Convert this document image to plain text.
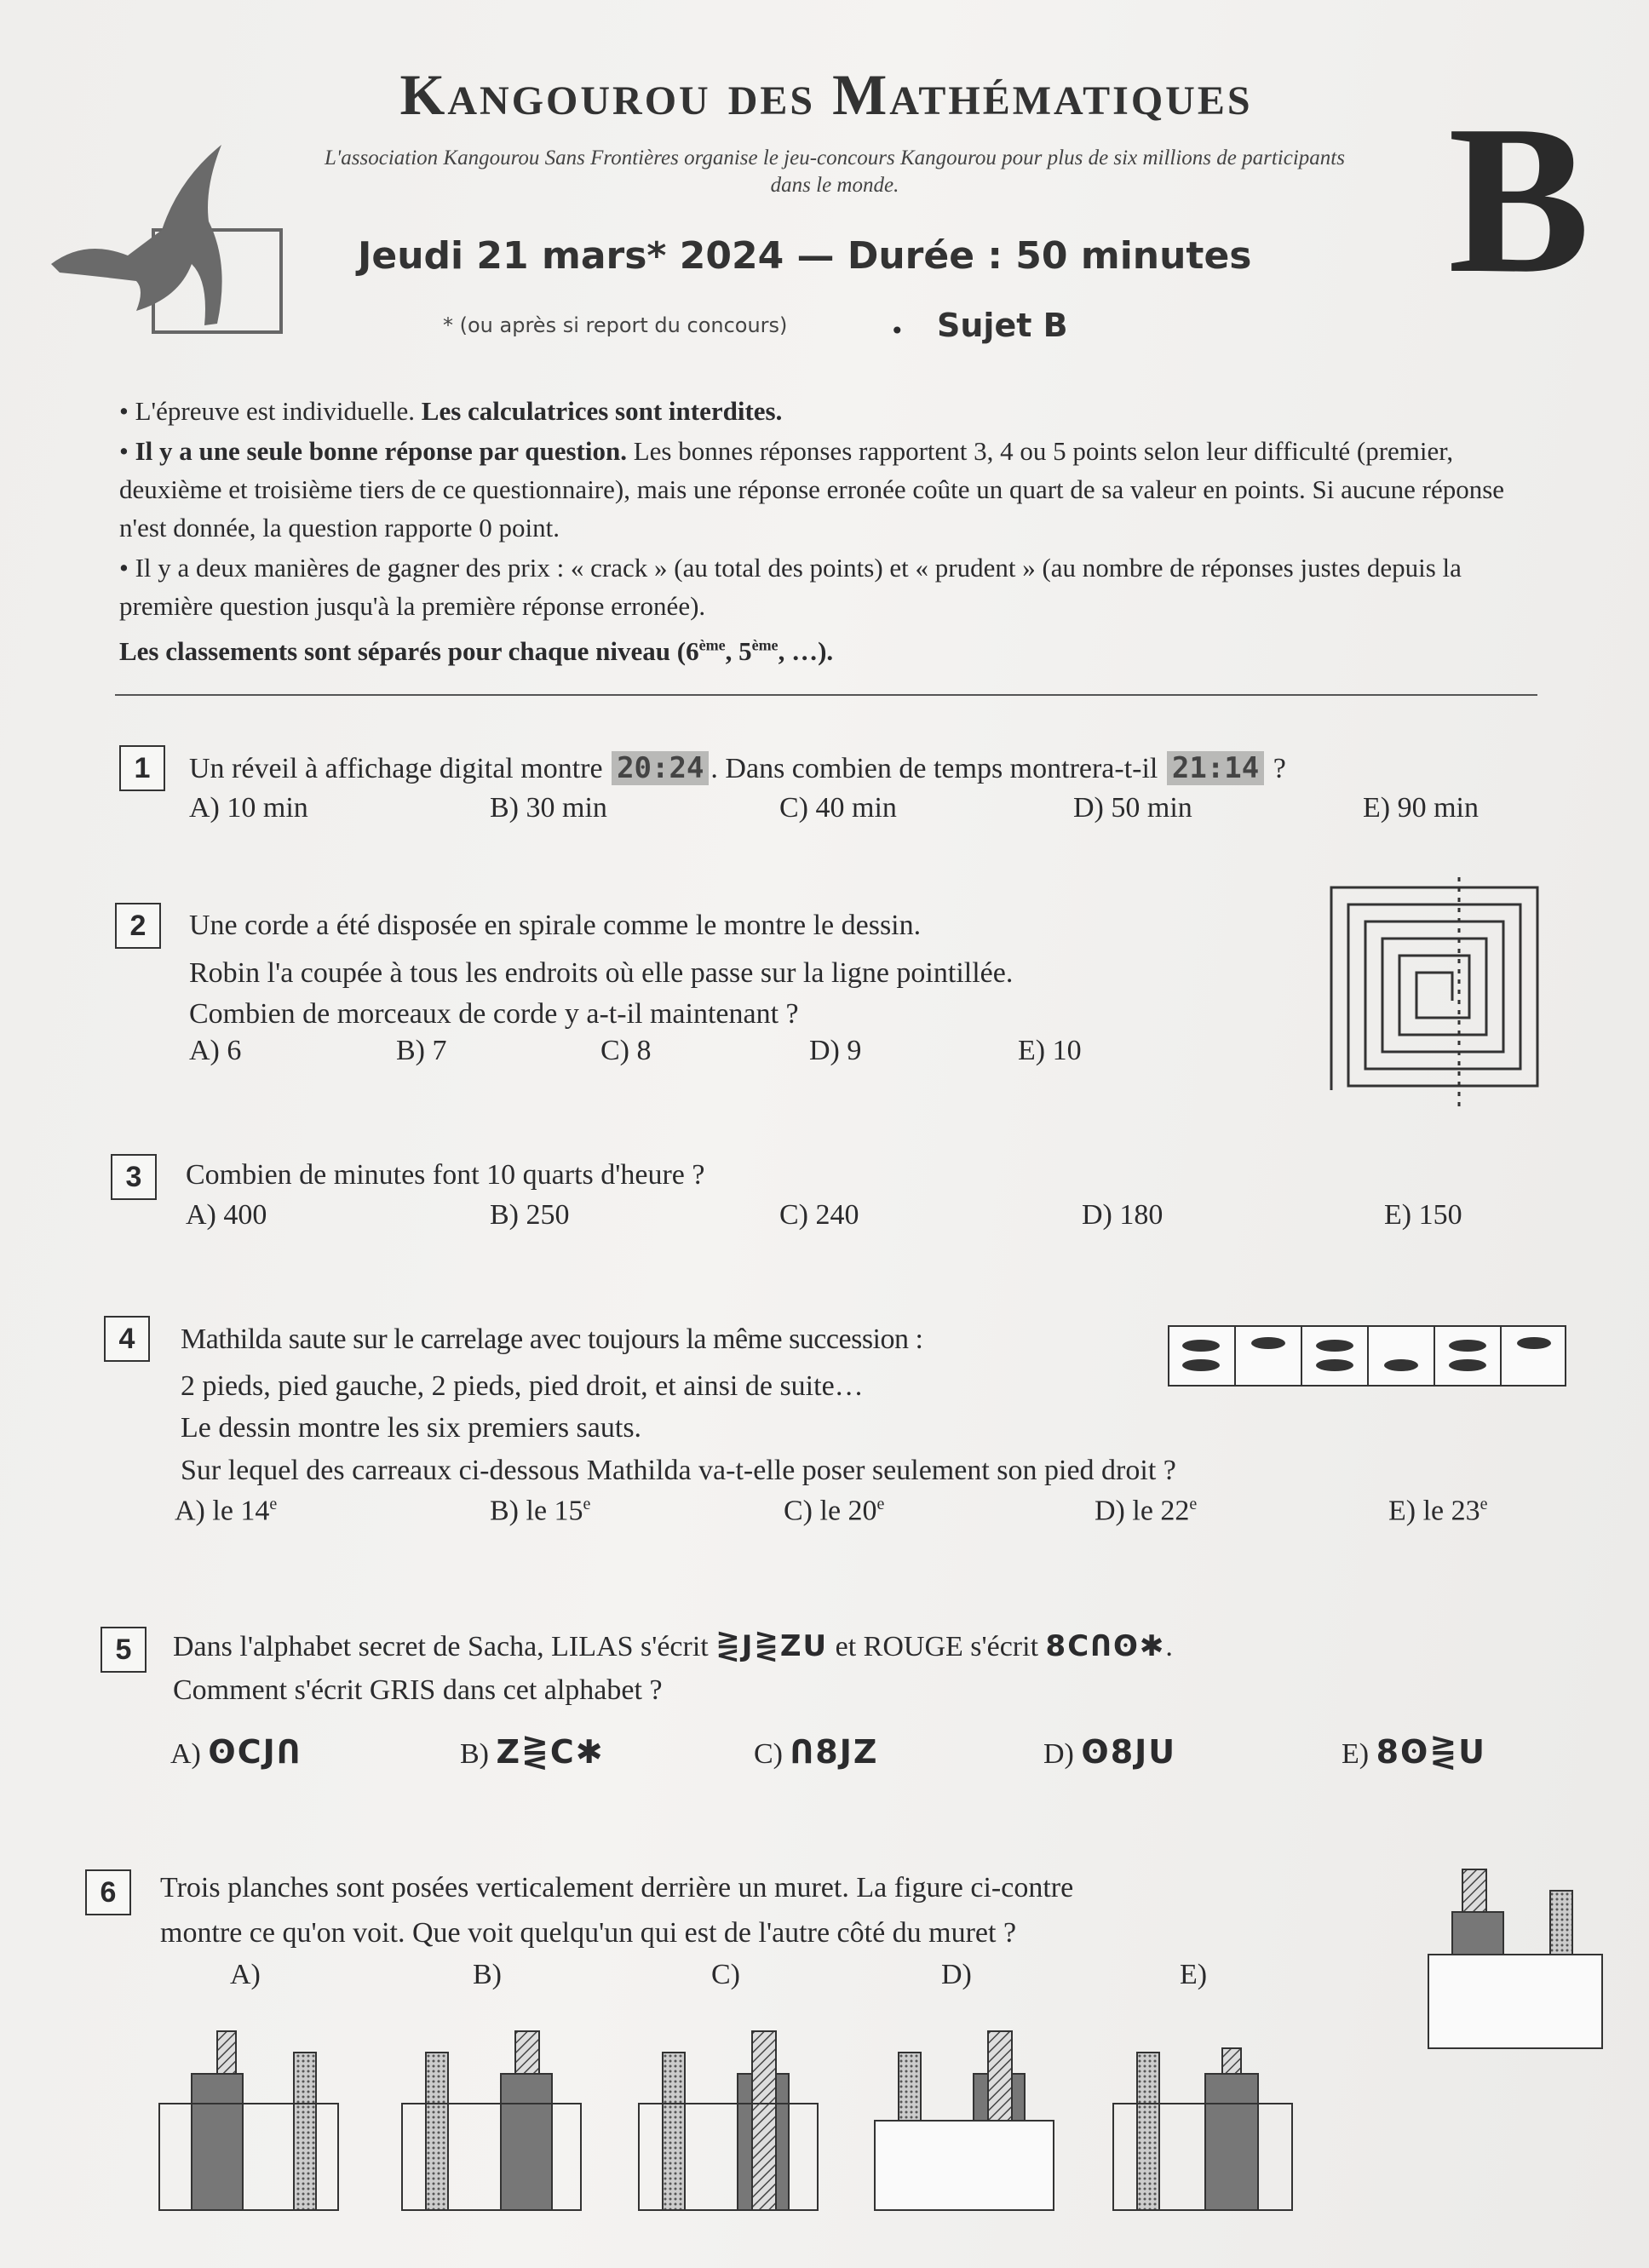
Kangourou des Mathématiques
L'association Kangourou Sans Frontières organise le jeu-concours Kangourou pour plus de six millions de participants dans le monde.
Jeudi 21 mars* 2024 — Durée : 50 minutes
* (ou après si report du concours)	• Sujet B
B

• L'épreuve est individuelle. Les calculatrices sont interdites.

• Il y a une seule bonne réponse par question. Les bonnes réponses rapportent 3, 4 ou 5 points selon leur difficulté (premier, deuxième et troisième tiers de ce questionnaire), mais une réponse erronée coûte un quart de sa valeur en points. Si aucune réponse n'est donnée, la question rapporte 0 point.

• Il y a deux manières de gagner des prix : « crack » (au total des points) et « prudent » (au nombre de réponses justes depuis la première question jusqu'à la première réponse erronée).

Les classements sont séparés pour chaque niveau (6ème, 5ème, …).

1	Un réveil à affichage digital montre 20:24 . Dans combien de temps montrera-t-il 21:14 ?
A) 10 min	B) 30 min	C) 40 min	D) 50 min	E) 90 min
2	Une corde a été disposée en spirale comme le montre le dessin.
Robin l'a coupée à tous les endroits où elle passe sur la ligne pointillée.
Combien de morceaux de corde y a-t-il maintenant ?
A) 6	B) 7	C) 8	D) 9	E) 10
3	Combien de minutes font 10 quarts d'heure ?
A) 400	B) 250	C) 240	D) 180	E) 150
4	Mathilda saute sur le carrelage avec toujours la même succession :
2 pieds, pied gauche, 2 pieds, pied droit, et ainsi de suite…
Le dessin montre les six premiers sauts.
Sur lequel des carreaux ci-dessous Mathilda va-t-elle poser seulement son pied droit ?
A) le 14e	B) le 15e	C) le 20e	D) le 22e	E) le 23e
5	Dans l'alphabet secret de Sacha, LILAS s'écrit ⋛J⋛ZU et ROUGE s'écrit 8CՈʘ✱.
Comment s'écrit GRIS dans cet alphabet ?
A) ʘCJՈ	B) Z⋛C✱	C) Ո8JZ	D) ʘ8JU	E) 8ʘ⋛U
6	Trois planches sont posées verticalement derrière un muret. La figure ci-contre
montre ce qu'on voit. Que voit quelqu'un qui est de l'autre côté du muret ?
A)	B)	C)	D)	E)
